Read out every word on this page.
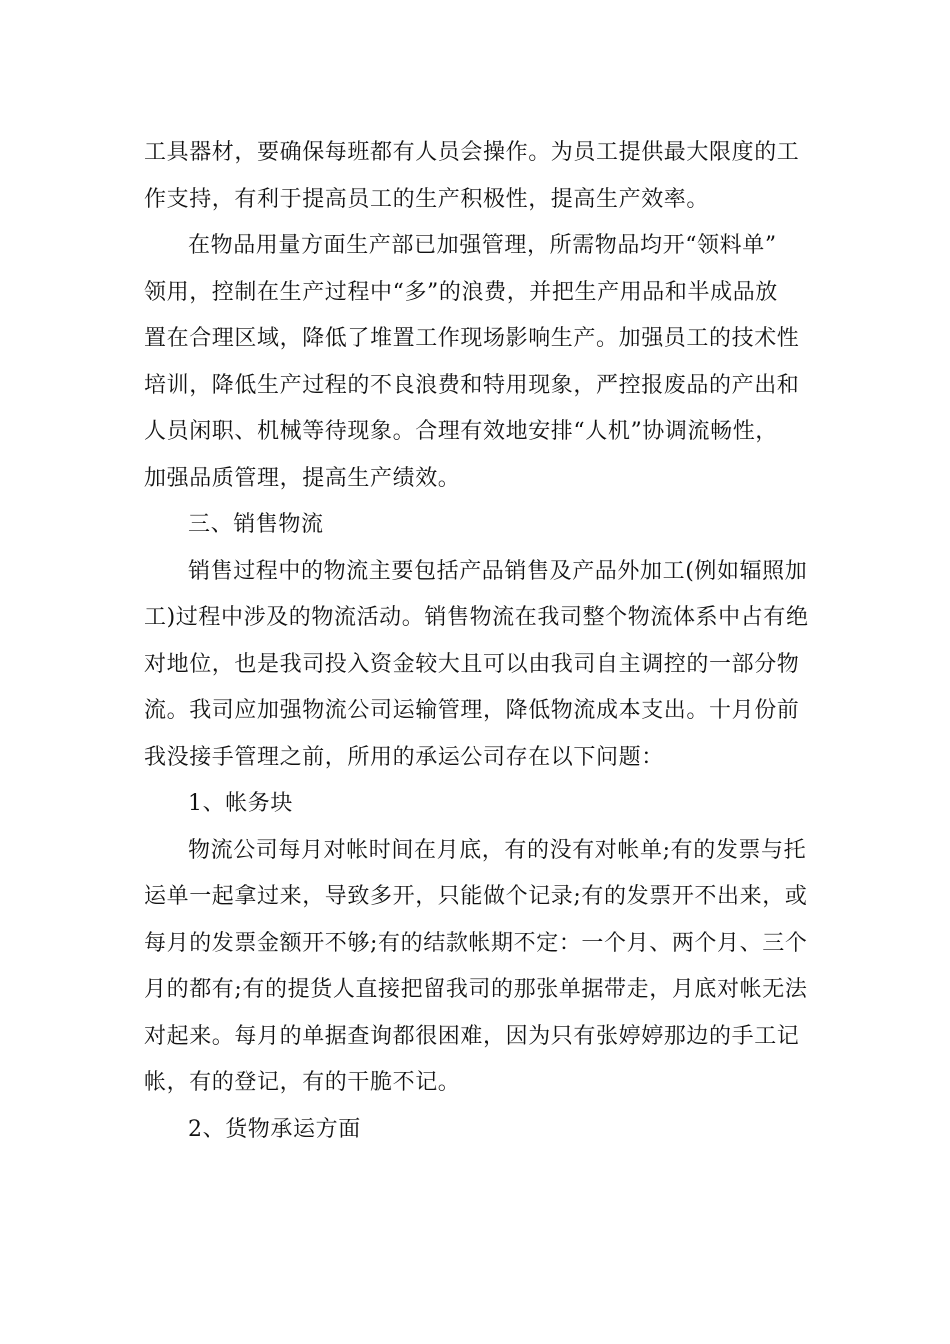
工具器材，要确保每班都有人员会操作。为员工提供最大限度的工
作支持，有利于提高员工的生产积极性，提高生产效率。
在物品用量方面生产部已加强管理，所需物品均开“领料单”
领用，控制在生产过程中“多”的浪费，并把生产用品和半成品放
置在合理区域，降低了堆置工作现场影响生产。加强员工的技术性
培训，降低生产过程的不良浪费和特用现象，严控报废品的产出和
人员闲职、机械等待现象。合理有效地安排“人机”协调流畅性，
加强品质管理，提高生产绩效。
三、销售物流
销售过程中的物流主要包括产品销售及产品外加工(例如辐照加
工)过程中涉及的物流活动。销售物流在我司整个物流体系中占有绝
对地位，也是我司投入资金较大且可以由我司自主调控的一部分物
流。我司应加强物流公司运输管理，降低物流成本支出。十月份前
我没接手管理之前，所用的承运公司存在以下问题：
1、帐务块
物流公司每月对帐时间在月底，有的没有对帐单;有的发票与托
运单一起拿过来，导致多开，只能做个记录;有的发票开不出来，或
每月的发票金额开不够;有的结款帐期不定：一个月、两个月、三个
月的都有;有的提货人直接把留我司的那张单据带走，月底对帐无法
对起来。每月的单据查询都很困难，因为只有张婷婷那边的手工记
帐，有的登记，有的干脆不记。
2、货物承运方面
